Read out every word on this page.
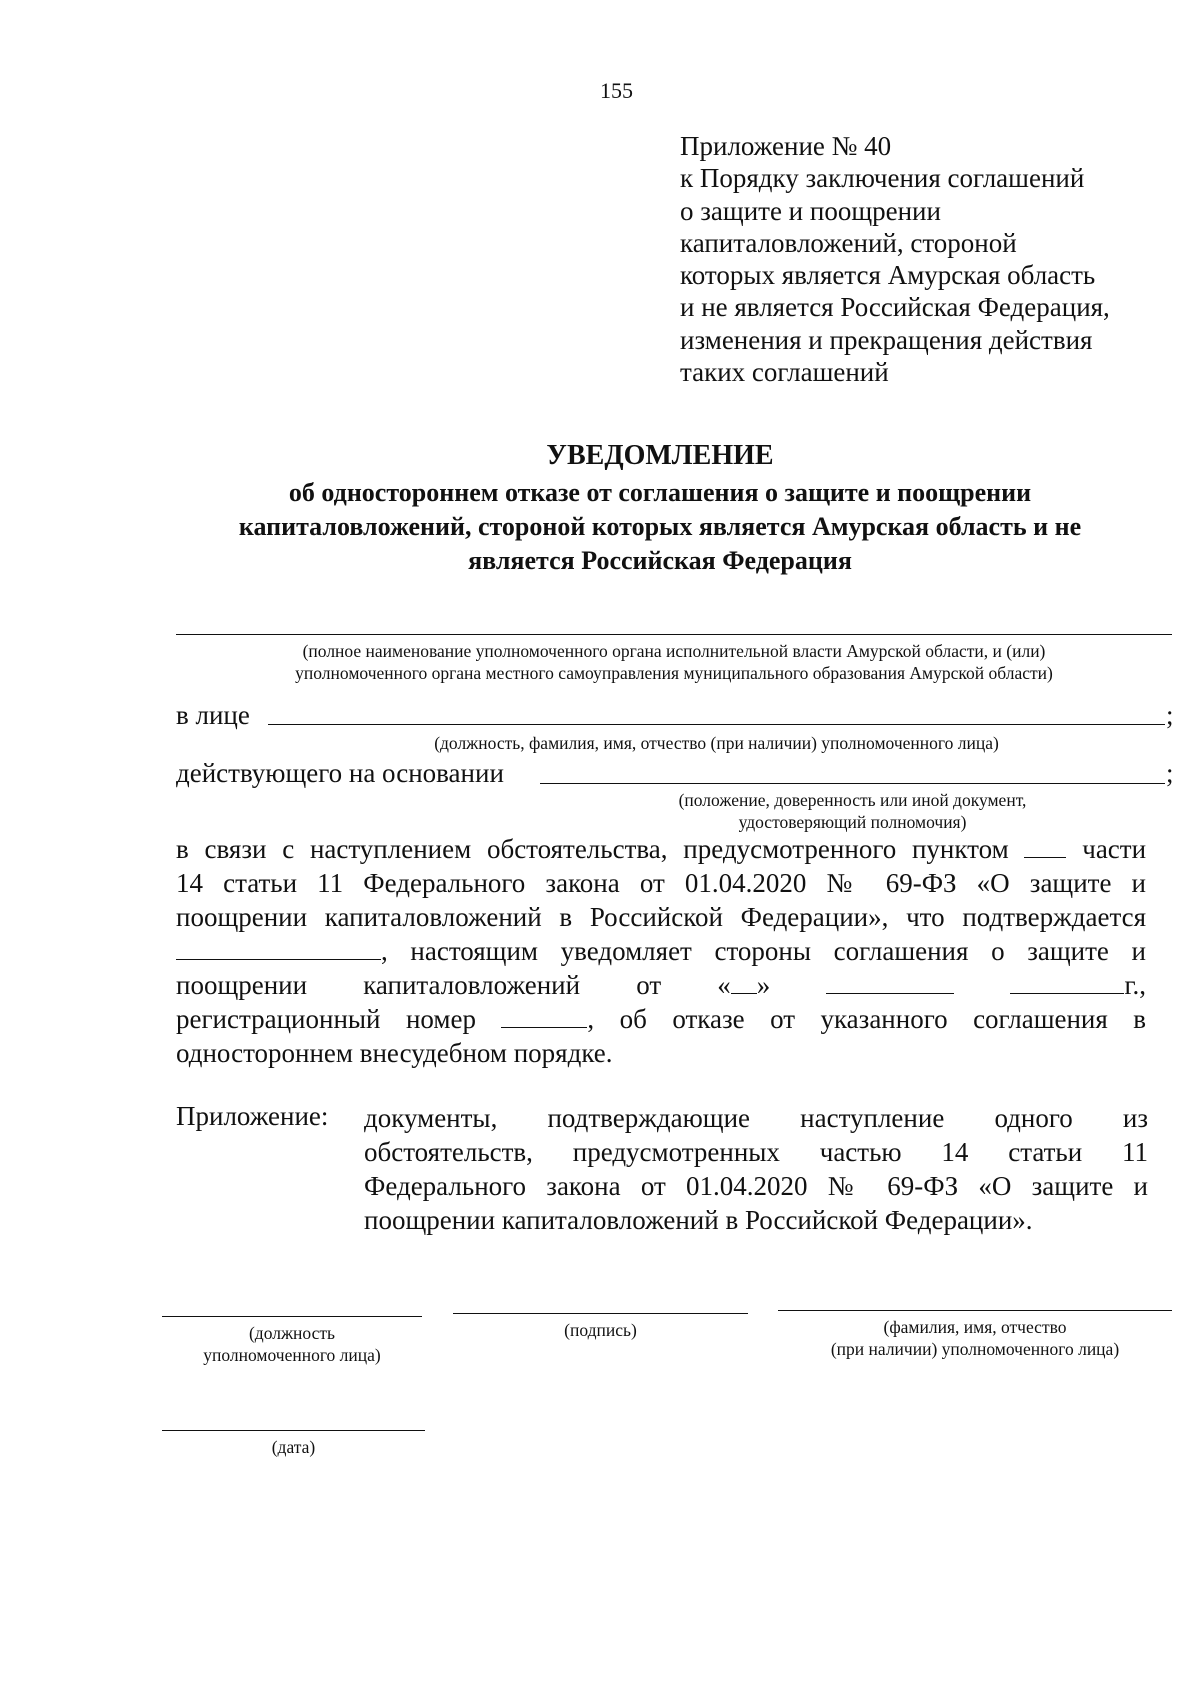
155
Приложение № 40
к Порядку заключения соглашений
о защите и поощрении
капиталовложений, стороной
которых является Амурская область
и не является Российская Федерация,
изменения и прекращения действия
таких соглашений
УВЕДОМЛЕНИЕ
об одностороннем отказе от соглашения о защите и поощрении
капиталовложений, стороной которых является Амурская область и не
является Российская Федерация
(полное наименование уполномоченного органа исполнительной власти Амурской области, и (или)
уполномоченного органа местного самоуправления муниципального образования Амурской области)
в лице	;
(должность, фамилия, имя, отчество (при наличии) уполномоченного лица)
действующего на основании	;
(положение, доверенность или иной документ,
удостоверяющий полномочия)
в связи с наступлением обстоятельства, предусмотренного пунктом	части
14 статьи 11 Федерального закона от 01.04.2020 № 69-ФЗ «О защите и
поощрении капиталовложений в Российской Федерации», что подтверждается
, настоящим уведомляет стороны соглашения о защите и
поощрении капиталовложений от « »	г.,
регистрационный номер	, об отказе от указанного соглашения в
одностороннем внесудебном порядке.
Приложение: документы, подтверждающие наступление одного из
обстоятельств, предусмотренных частью 14 статьи 11
Федерального закона от 01.04.2020 № 69-ФЗ «О защите и
поощрении капиталовложений в Российской Федерации».
(должность
уполномоченного лица)
(подпись)	(фамилия, имя, отчество
(при наличии) уполномоченного лица)
(дата)
